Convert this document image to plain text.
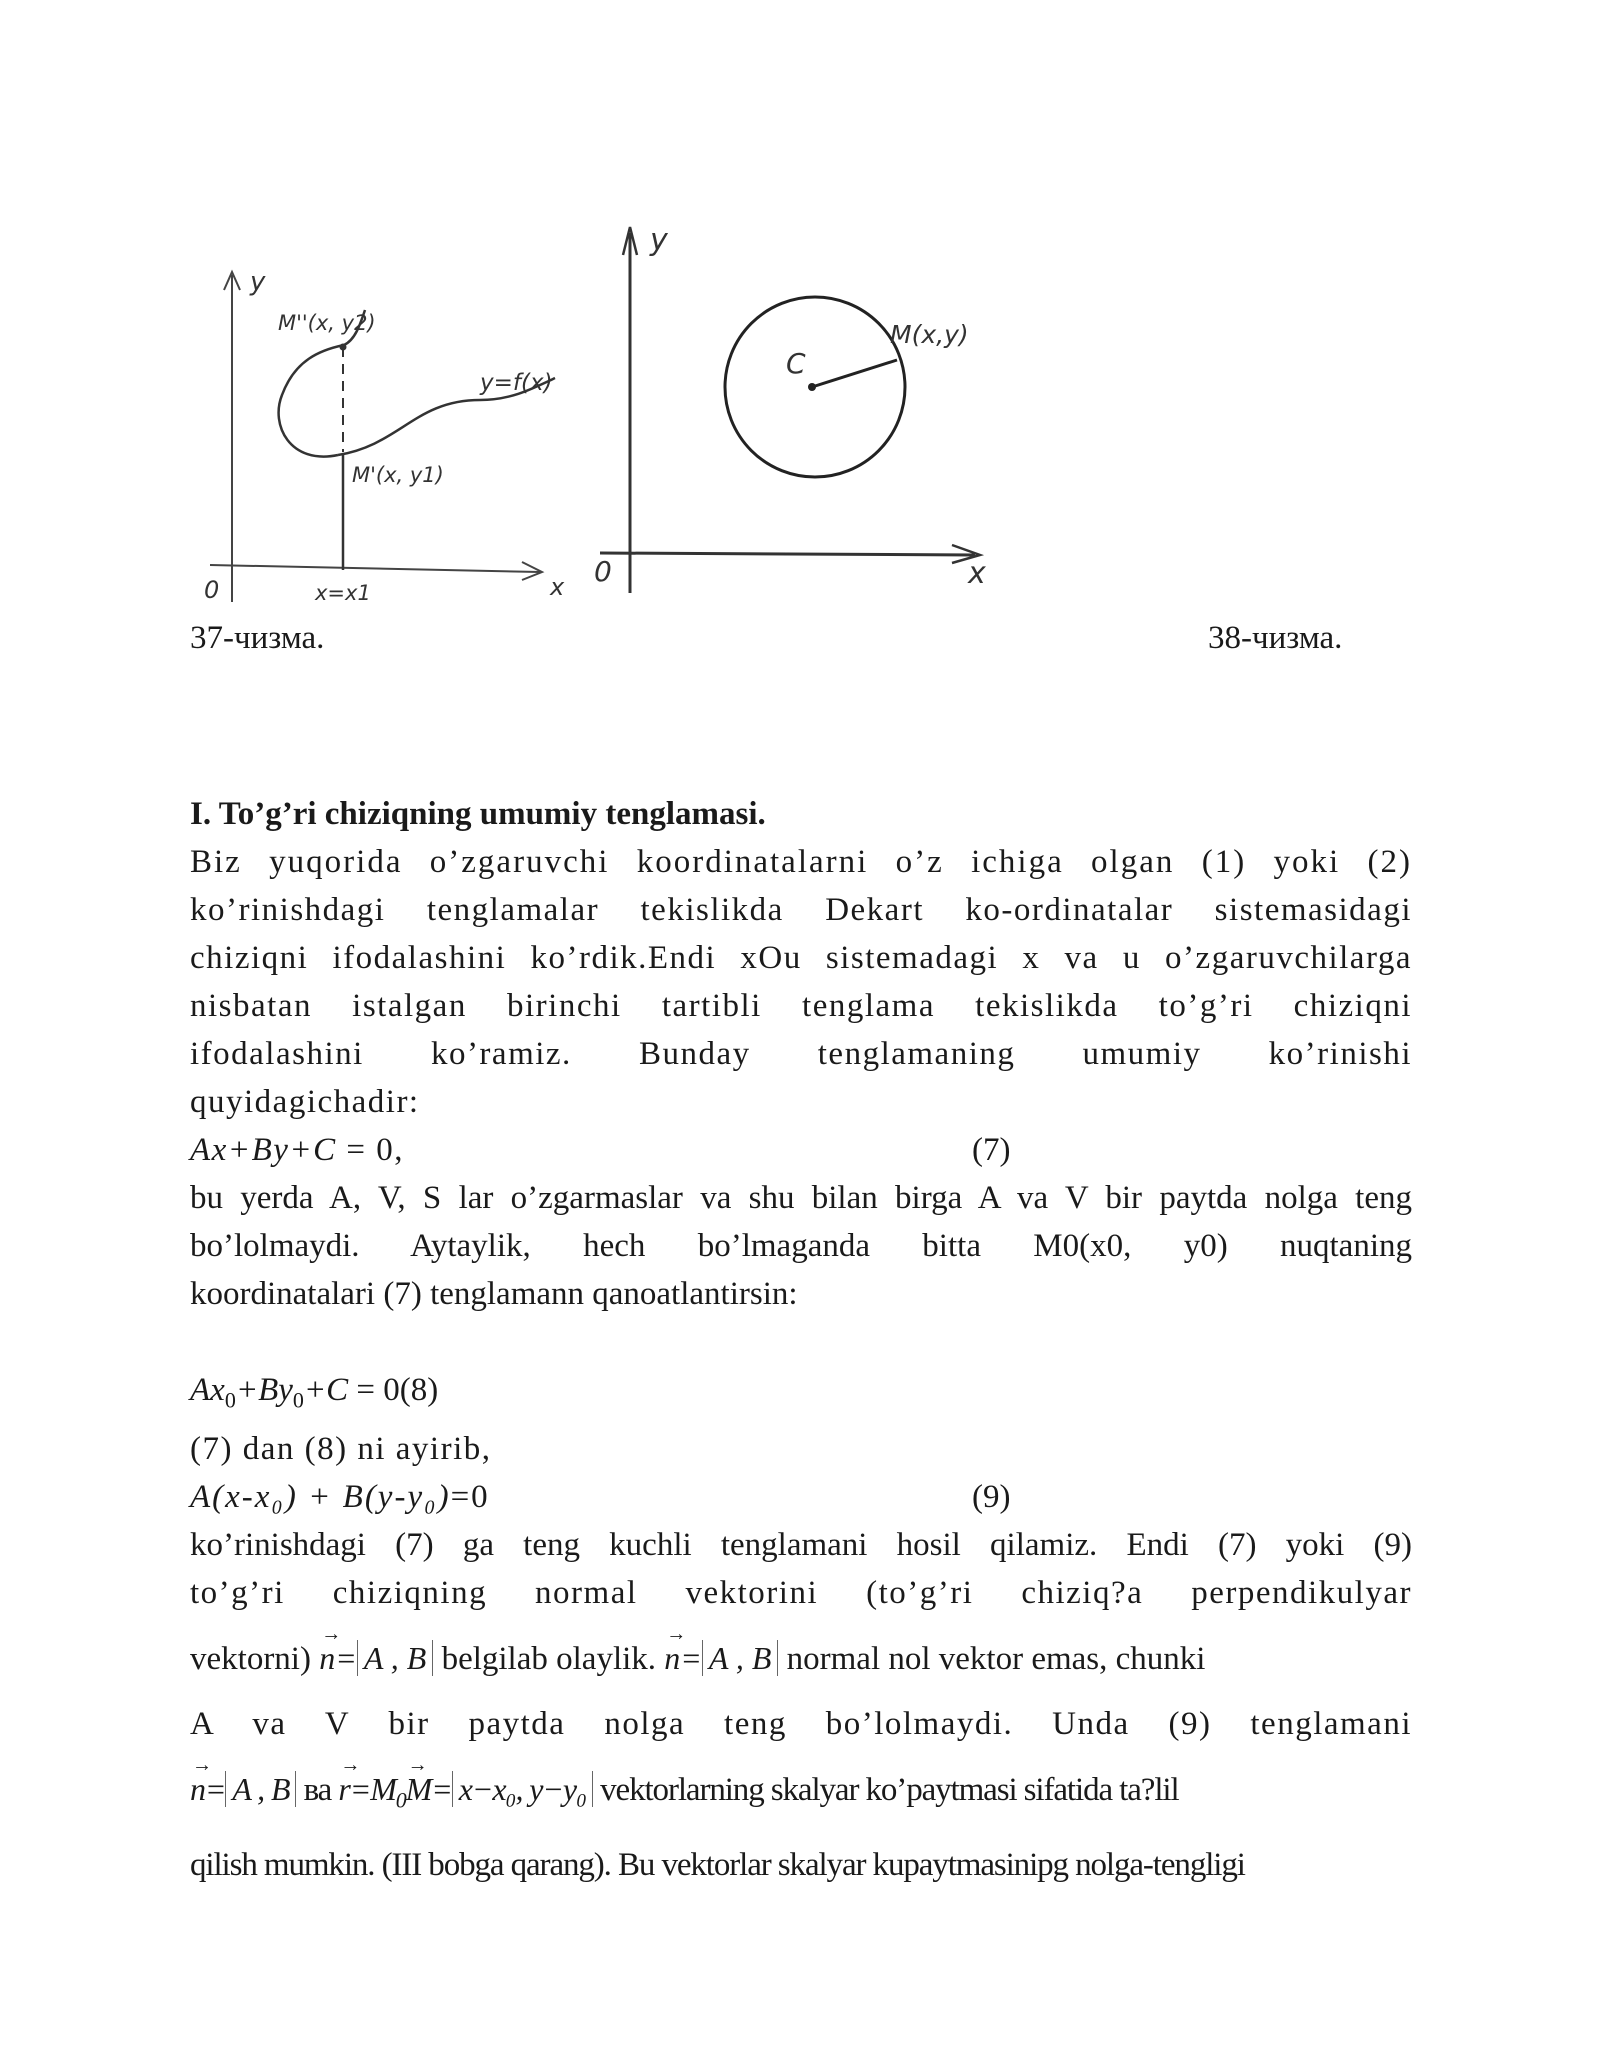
y
x
0
M''(x, y2)
M'(x, y1)
y=f(x)
x=x1
y
x
0
C
M(x,y)
37-чизма.	38-чизма.

I. To’g’ri chiziqning umumiy tenglamasi.

Biz yuqorida o’zgaruvchi koordinatalarni o’z ichiga olgan (1) yoki (2)

ko’rinishdagi tenglamalar tekislikda Dekart ko-ordinatalar sistemasidagi

chiziqni ifodalashini ko’rdik.Endi xOu sistemadagi x va u o’zgaruvchilarga

nisbatan istalgan birinchi tartibli tenglama tekislikda to’g’ri chiziqni

ifodalashini ko’ramiz. Bunday tenglamaning umumiy ko’rinishi

quyidagichadir:

Ax+By+C = 0,	(7)

bu yerda A, V, S lar o’zgarmaslar va shu bilan birga A va V bir paytda nolga teng

bo’lolmaydi. Aytaylik, hech bo’lmaganda bitta M0(x0, y0) nuqtaning

koordinatalari (7) tenglamann qanoatlantirsin:

$Ax_0+By_0+C = 0(8)$

(7) dan (8) ni ayirib,

A(x-x₀) + B(y-y₀)=0	(9)

ko’rinishdagi (7) ga teng kuchli tenglamani hosil qilamiz. Endi (7) yoki (9)

to’g’ri chiziqning normal vektorini (to’g’ri chiziq?a perpendikulyar

vektorni) → n= A , B belgilab olaylik. → n= A , B normal nol vektor emas, chunki

A va V bir paytda nolga teng bo’lolmaydi. Unda (9) tenglamani

→ n= A , B ва → $r=M_0\to M= x-x_0$, y−y₀ vektorlarning skalyar ko’paytmasi sifatida ta?lil

qilish mumkin. (III bobga qarang). Bu vektorlar skalyar kupaytmasinipg nolga-tengligi
